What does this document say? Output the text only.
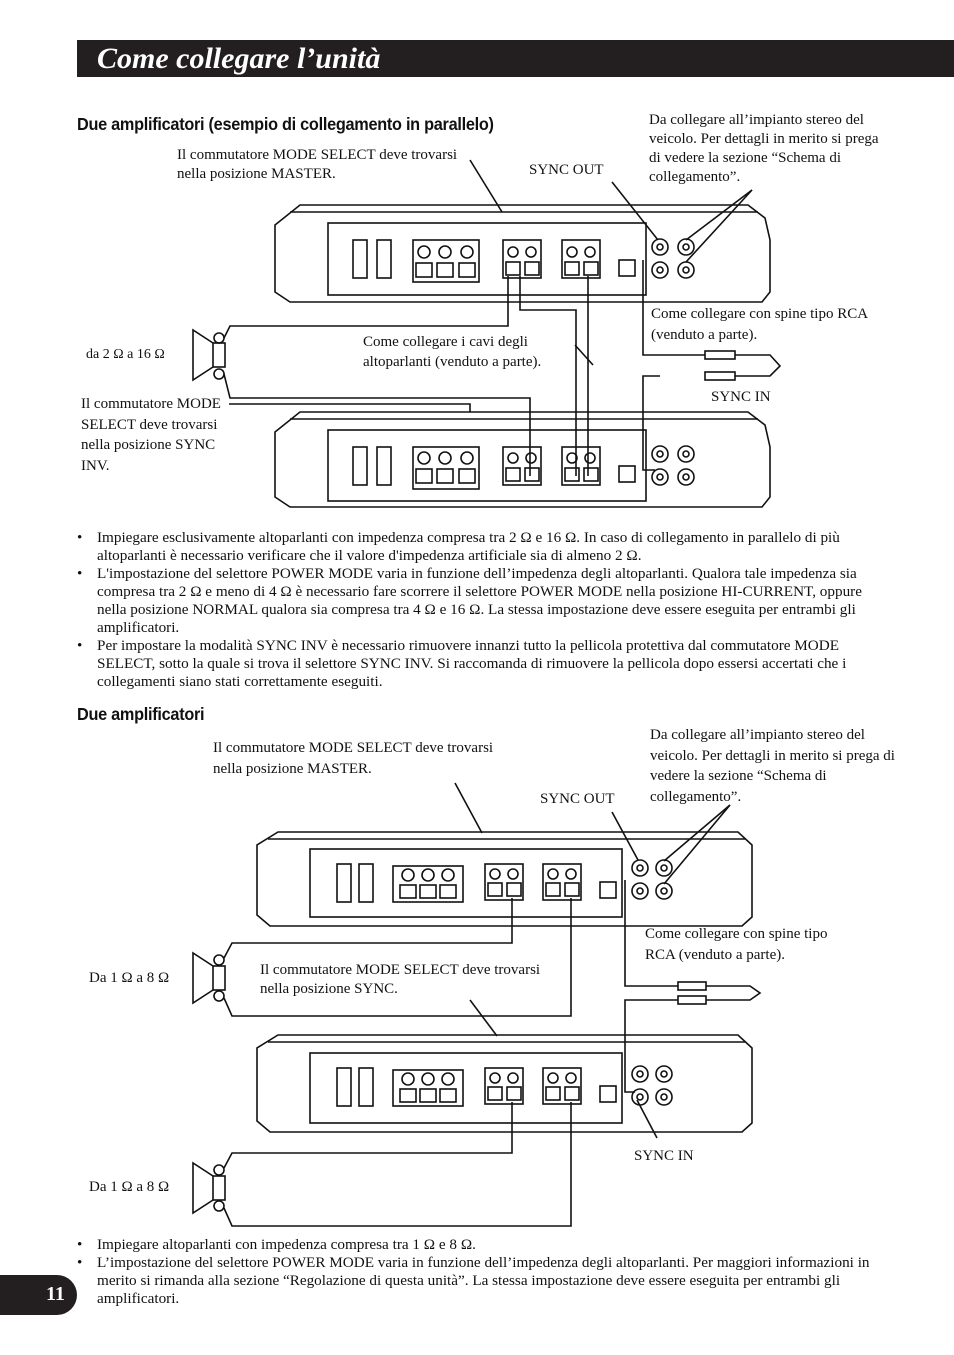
Come collegare l’unità
Due amplificatori (esempio di collegamento in parallelo)
Il commutatore MODE SELECT deve trovarsi nella posizione MASTER.	SYNC OUT
Da collegare all’impianto stereo del veicolo. Per dettagli in merito si prega di vedere la sezione “Schema di collegamento”.
Come collegare con spine tipo RCA (venduto a parte).
da 2 Ω a 16 Ω
Come collegare i cavi degli altoparlanti (venduto a parte).
SYNC IN
Il commutatore MODE SELECT deve trovarsi nella posizione SYNC INV.
• Impiegare esclusivamente altoparlanti con impedenza compresa tra 2 Ω e 16 Ω. In caso di collegamento in parallelo di più altoparlanti è necessario verificare che il valore d'impedenza artificiale sia di almeno 2 Ω.
• L'impostazione del selettore POWER MODE varia in funzione dell’impedenza degli altoparlanti. Qualora tale impedenza sia compresa tra 2 Ω e meno di 4 Ω è necessario fare scorrere il selettore POWER MODE nella posizione HI-CURRENT, oppure nella posizione NORMAL qualora sia compresa tra 4 Ω e 16 Ω. La stessa impostazione deve essere eseguita per entrambi gli amplificatori.
• Per impostare la modalità SYNC INV è necessario rimuovere innanzi tutto la pellicola protettiva dal commutatore MODE SELECT, sotto la quale si trova il selettore SYNC INV. Si raccomanda di rimuovere la pellicola dopo essersi accertati che i collegamenti siano stati correttamente eseguiti.
Due amplificatori
Il commutatore MODE SELECT deve trovarsi nella posizione MASTER.
SYNC OUT
Da collegare all’impianto stereo del veicolo. Per dettagli in merito si prega di vedere la sezione “Schema di collegamento”.
Come collegare con spine tipo RCA (venduto a parte).
Da 1 Ω a 8 Ω	Il commutatore MODE SELECT deve trovarsi nella posizione SYNC.
SYNC IN
Da 1 Ω a 8 Ω
• Impiegare altoparlanti con impedenza compresa tra 1 Ω e 8 Ω.
• L’impostazione del selettore POWER MODE varia in funzione dell’impedenza degli altoparlanti. Per maggiori informazioni in merito si rimanda alla sezione “Regolazione di questa unità”. La stessa impostazione deve essere eseguita per entrambi gli amplificatori.
11
